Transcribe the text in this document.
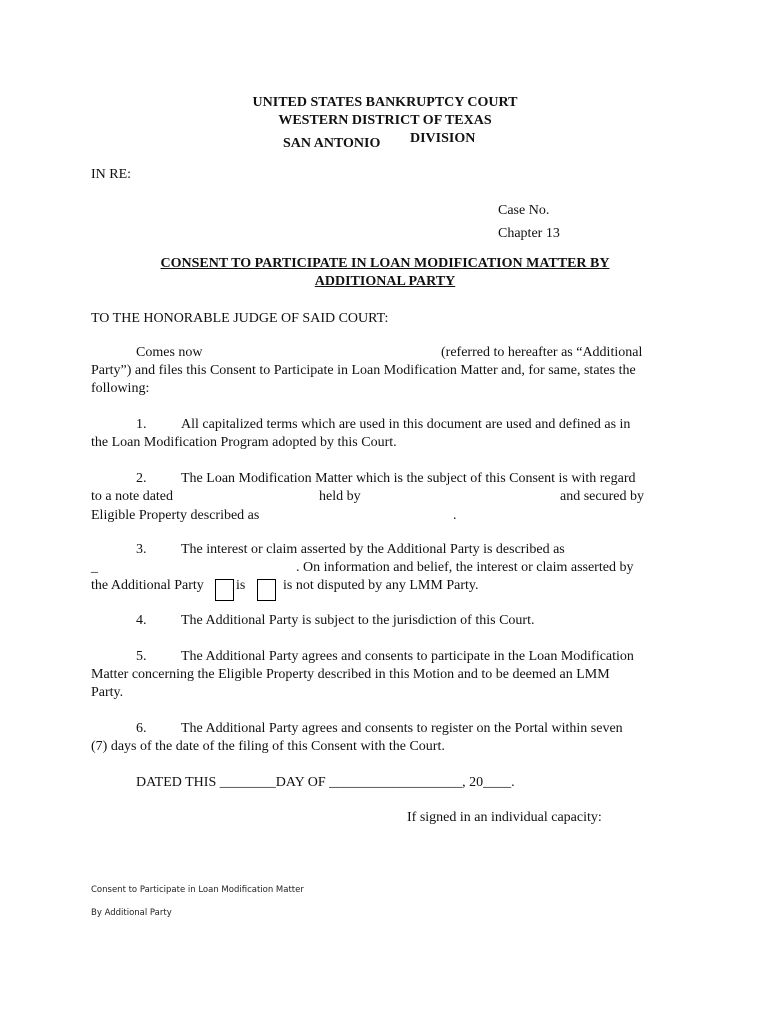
UNITED STATES BANKRUPTCY COURT
WESTERN DISTRICT OF TEXAS
SAN ANTONIO DIVISION
IN RE:
Case No.
Chapter 13
CONSENT TO PARTICIPATE IN LOAN MODIFICATION MATTER BY
ADDITIONAL PARTY
TO THE HONORABLE JUDGE OF SAID COURT:
Comes now	(referred to hereafter as “Additional
Party”) and files this Consent to Participate in Loan Modification Matter and, for same, states the
following:
1. All capitalized terms which are used in this document are used and defined as in
the Loan Modification Program adopted by this Court.
2. The Loan Modification Matter which is the subject of this Consent is with regard
to a note dated	held by	and secured by
Eligible Property described as	.
3. The interest or claim asserted by the Additional Party is described as
_	. On information and belief, the interest or claim asserted by
the Additional Party is	is not disputed by any LMM Party.
4. The Additional Party is subject to the jurisdiction of this Court.
5. The Additional Party agrees and consents to participate in the Loan Modification
Matter concerning the Eligible Property described in this Motion and to be deemed an LMM
Party.
6. The Additional Party agrees and consents to register on the Portal within seven
(7) days of the date of the filing of this Consent with the Court.
DATED THIS ________DAY OF ___________________, 20____.
If signed in an individual capacity:
Consent to Participate in Loan Modification Matter
By Additional Party
